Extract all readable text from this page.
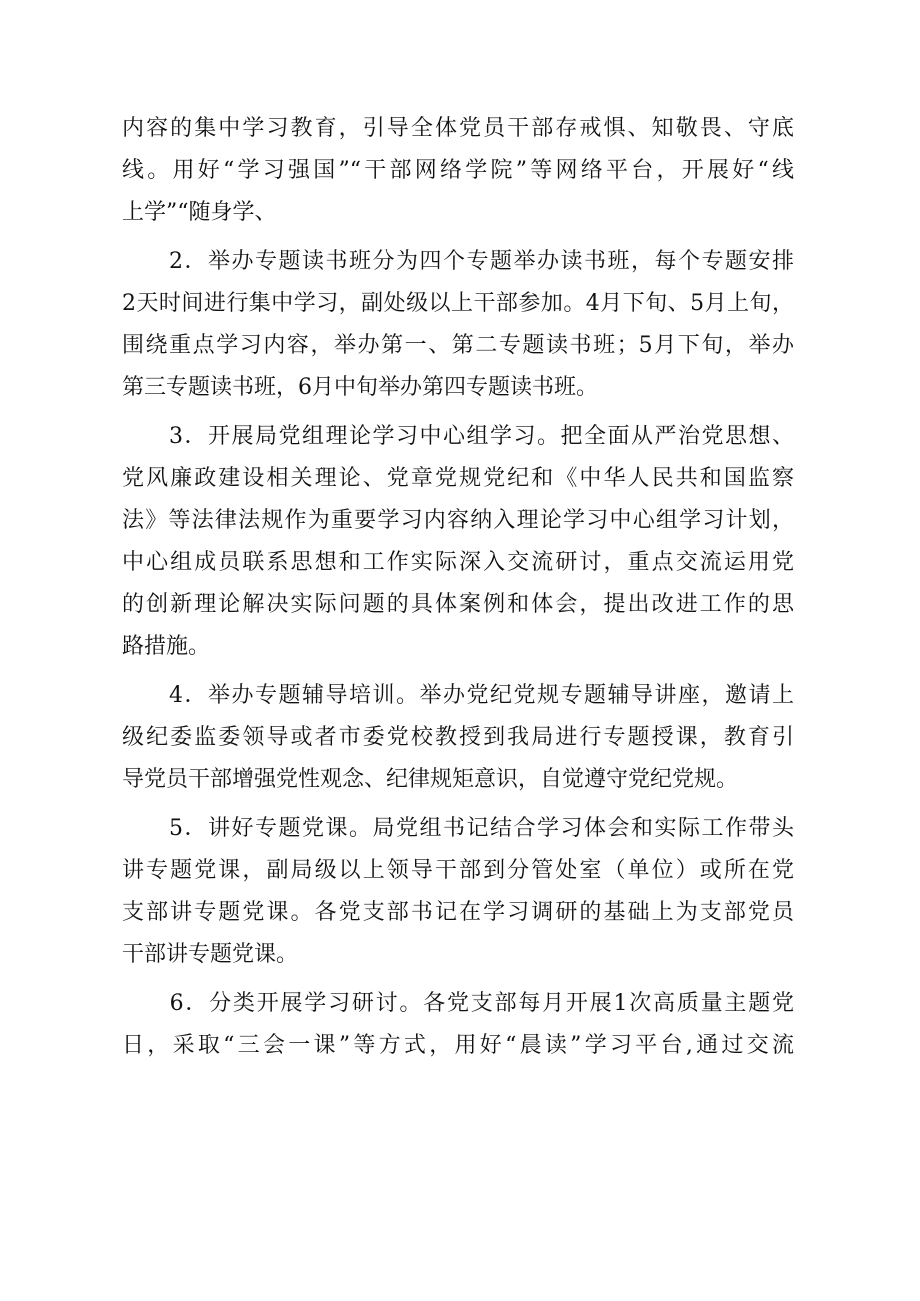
内容的集中学习教育，引导全体党员干部存戒惧、知敬畏、守底
线。用好“学习强国”“干部网络学院”等网络平台，开展好“线
上学”“随身学、
　　2．举办专题读书班分为四个专题举办读书班，每个专题安排
2天时间进行集中学习，副处级以上干部参加。4月下旬、5月上旬，
围绕重点学习内容，举办第一、第二专题读书班；5月下旬，举办
第三专题读书班，6月中旬举办第四专题读书班。
　　3．开展局党组理论学习中心组学习。把全面从严治党思想、
党风廉政建设相关理论、党章党规党纪和《中华人民共和国监察
法》等法律法规作为重要学习内容纳入理论学习中心组学习计划，
中心组成员联系思想和工作实际深入交流研讨，重点交流运用党
的创新理论解决实际问题的具体案例和体会，提出改进工作的思
路措施。
　　4．举办专题辅导培训。举办党纪党规专题辅导讲座，邀请上
级纪委监委领导或者市委党校教授到我局进行专题授课，教育引
导党员干部增强党性观念、纪律规矩意识，自觉遵守党纪党规。
　　5．讲好专题党课。局党组书记结合学习体会和实际工作带头
讲专题党课，副局级以上领导干部到分管处室（单位）或所在党
支部讲专题党课。各党支部书记在学习调研的基础上为支部党员
干部讲专题党课。
　　6．分类开展学习研讨。各党支部每月开展1次高质量主题党
日，采取“三会一课”等方式，用好“晨读”学习平台,通过交流
